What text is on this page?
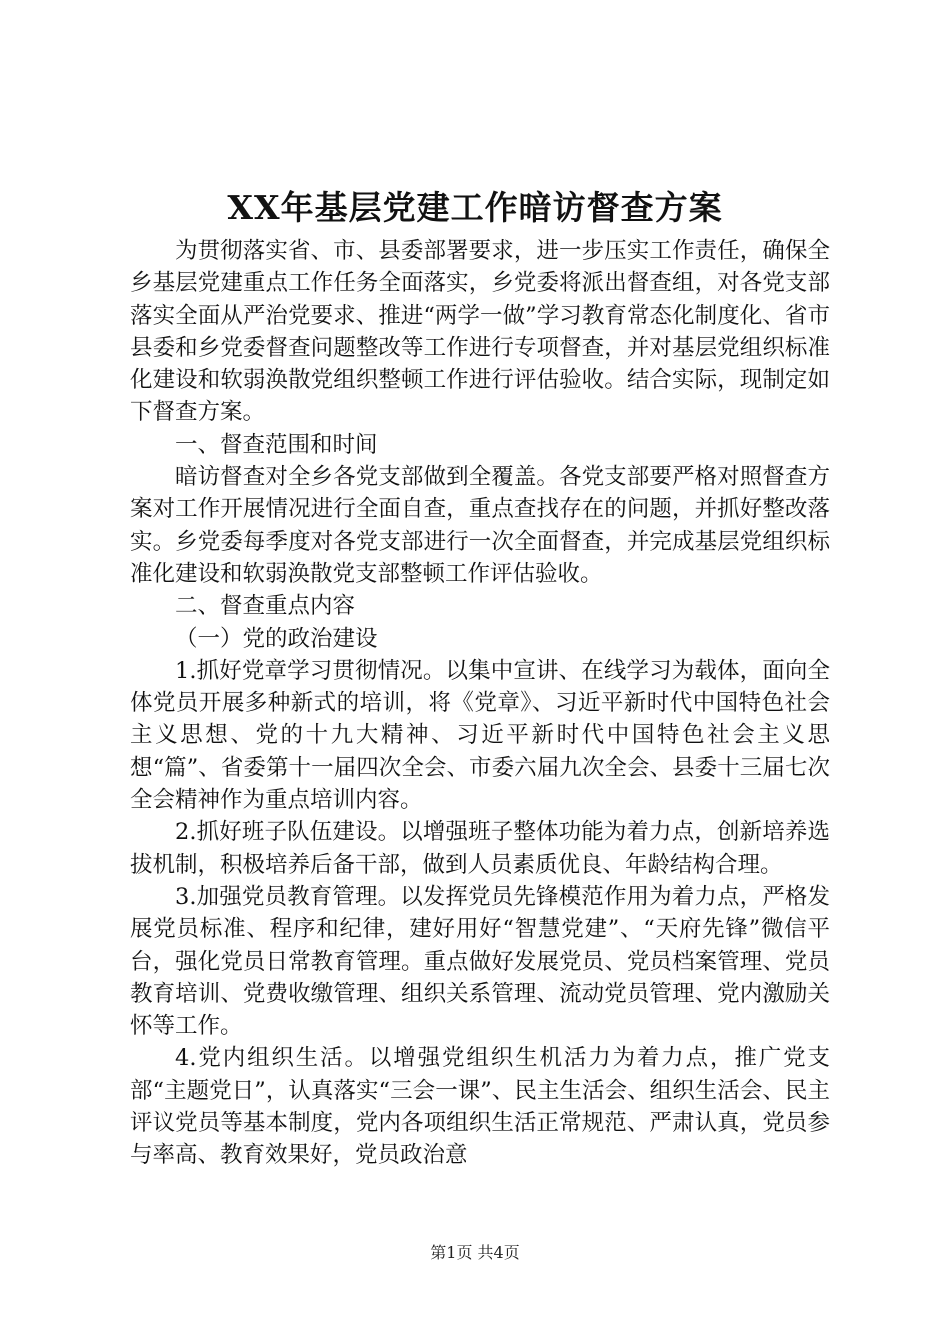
XX年基层党建工作暗访督查方案

为贯彻落实省、市、县委部署要求，进一步压实工作责任，确保全乡基层党建重点工作任务全面落实，乡党委将派出督查组，对各党支部落实全面从严治党要求、推进“两学一做”学习教育常态化制度化、省市县委和乡党委督查问题整改等工作进行专项督查，并对基层党组织标准化建设和软弱涣散党组织整顿工作进行评估验收。结合实际，现制定如下督查方案。

一、督查范围和时间

暗访督查对全乡各党支部做到全覆盖。各党支部要严格对照督查方案对工作开展情况进行全面自查，重点查找存在的问题，并抓好整改落实。乡党委每季度对各党支部进行一次全面督查，并完成基层党组织标准化建设和软弱涣散党支部整顿工作评估验收。

二、督查重点内容

（一）党的政治建设

1.抓好党章学习贯彻情况。以集中宣讲、在线学习为载体，面向全体党员开展多种新式的培训，将《党章》、习近平新时代中国特色社会主义思想、党的十九大精神、习近平新时代中国特色社会主义思想“篇”、省委第十一届四次全会、市委六届九次全会、县委十三届七次全会精神作为重点培训内容。

2.抓好班子队伍建设。以增强班子整体功能为着力点，创新培养选拔机制，积极培养后备干部，做到人员素质优良、年龄结构合理。

3.加强党员教育管理。以发挥党员先锋模范作用为着力点，严格发展党员标准、程序和纪律，建好用好“智慧党建”、“天府先锋”微信平台，强化党员日常教育管理。重点做好发展党员、党员档案管理、党员教育培训、党费收缴管理、组织关系管理、流动党员管理、党内激励关怀等工作。

4.党内组织生活。以增强党组织生机活力为着力点，推广党支部“主题党日”，认真落实“三会一课”、民主生活会、组织生活会、民主评议党员等基本制度，党内各项组织生活正常规范、严肃认真，党员参与率高、教育效果好，党员政治意

第1页 共4页
